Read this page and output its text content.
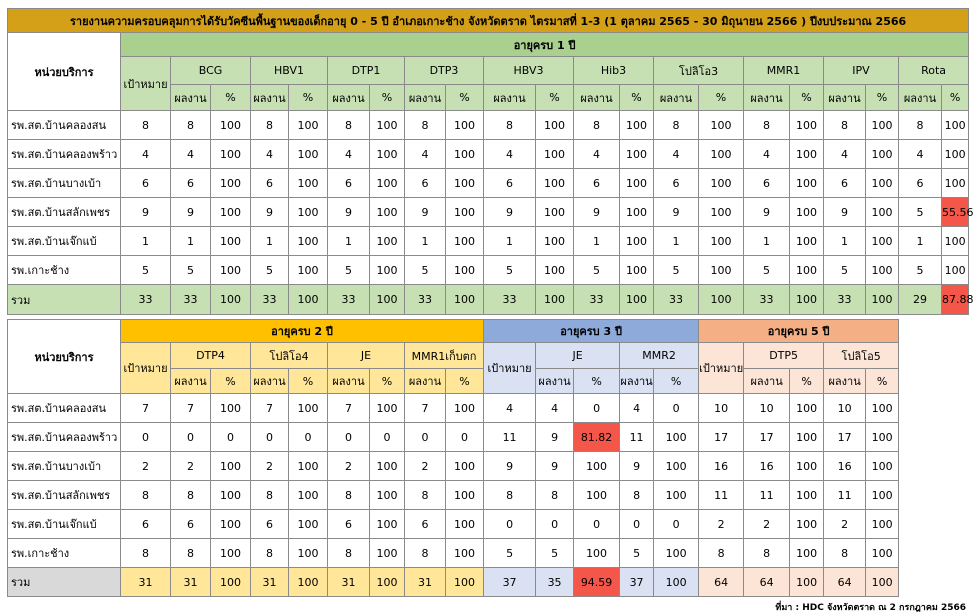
รายงานความครอบคลุมการได้รับวัคซีนพื้นฐานของเด็กอายุ 0 - 5 ปี อำเภอเกาะช้าง จังหวัดตราด ไตรมาสที่ 1-3 (1 ตุลาคม 2565 - 30 มิถุนายน 2566 ) ปีงบประมาณ 2566																					
หน่วยบริการ	อายุครบ 1 ปี																				
	เป้าหมาย	BCG		HBV1		DTP1		DTP3		HBV3		Hib3		โปลิโอ3		MMR1		IPV		Rota	
		ผลงาน	%	ผลงาน	%	ผลงาน	%	ผลงาน	%	ผลงาน	%	ผลงาน	%	ผลงาน	%	ผลงาน	%	ผลงาน	%	ผลงาน	%
รพ.สต.บ้านคลองสน	8	8	100	8	100	8	100	8	100	8	100	8	100	8	100	8	100	8	100	8	100
รพ.สต.บ้านคลองพร้าว	4	4	100	4	100	4	100	4	100	4	100	4	100	4	100	4	100	4	100	4	100
รพ.สต.บ้านบางเบ้า	6	6	100	6	100	6	100	6	100	6	100	6	100	6	100	6	100	6	100	6	100
รพ.สต.บ้านสลักเพชร	9	9	100	9	100	9	100	9	100	9	100	9	100	9	100	9	100	9	100	5	55.56
รพ.สต.บ้านเจ๊กแบ้	1	1	100	1	100	1	100	1	100	1	100	1	100	1	100	1	100	1	100	1	100
รพ.เกาะช้าง	5	5	100	5	100	5	100	5	100	5	100	5	100	5	100	5	100	5	100	5	100
รวม	33	33	100	33	100	33	100	33	100	33	100	33	100	33	100	33	100	33	100	29	87.88
หน่วยบริการ	อายุครบ 2 ปี									อายุครบ 3 ปี					อายุครบ 5 ปี				
	เป้าหมาย	DTP4		โปลิโอ4		JE		MMR1เก็บตก		เป้าหมาย	JE		MMR2		เป้าหมาย	DTP5		โปลิโอ5	
		ผลงาน	%	ผลงาน	%	ผลงาน	%	ผลงาน	%		ผลงาน	%	ผลงาน	%		ผลงาน	%	ผลงาน	%
รพ.สต.บ้านคลองสน	7	7	100	7	100	7	100	7	100	4	4	0	4	0	10	10	100	10	100
รพ.สต.บ้านคลองพร้าว	0	0	0	0	0	0	0	0	0	11	9	81.82	11	100	17	17	100	17	100
รพ.สต.บ้านบางเบ้า	2	2	100	2	100	2	100	2	100	9	9	100	9	100	16	16	100	16	100
รพ.สต.บ้านสลักเพชร	8	8	100	8	100	8	100	8	100	8	8	100	8	100	11	11	100	11	100
รพ.สต.บ้านเจ๊กแบ้	6	6	100	6	100	6	100	6	100	0	0	0	0	0	2	2	100	2	100
รพ.เกาะช้าง	8	8	100	8	100	8	100	8	100	5	5	100	5	100	8	8	100	8	100
รวม	31	31	100	31	100	31	100	31	100	37	35	94.59	37	100	64	64	100	64	100
ที่มา : HDC จังหวัดตราด ณ 2 กรกฎาคม 2566
